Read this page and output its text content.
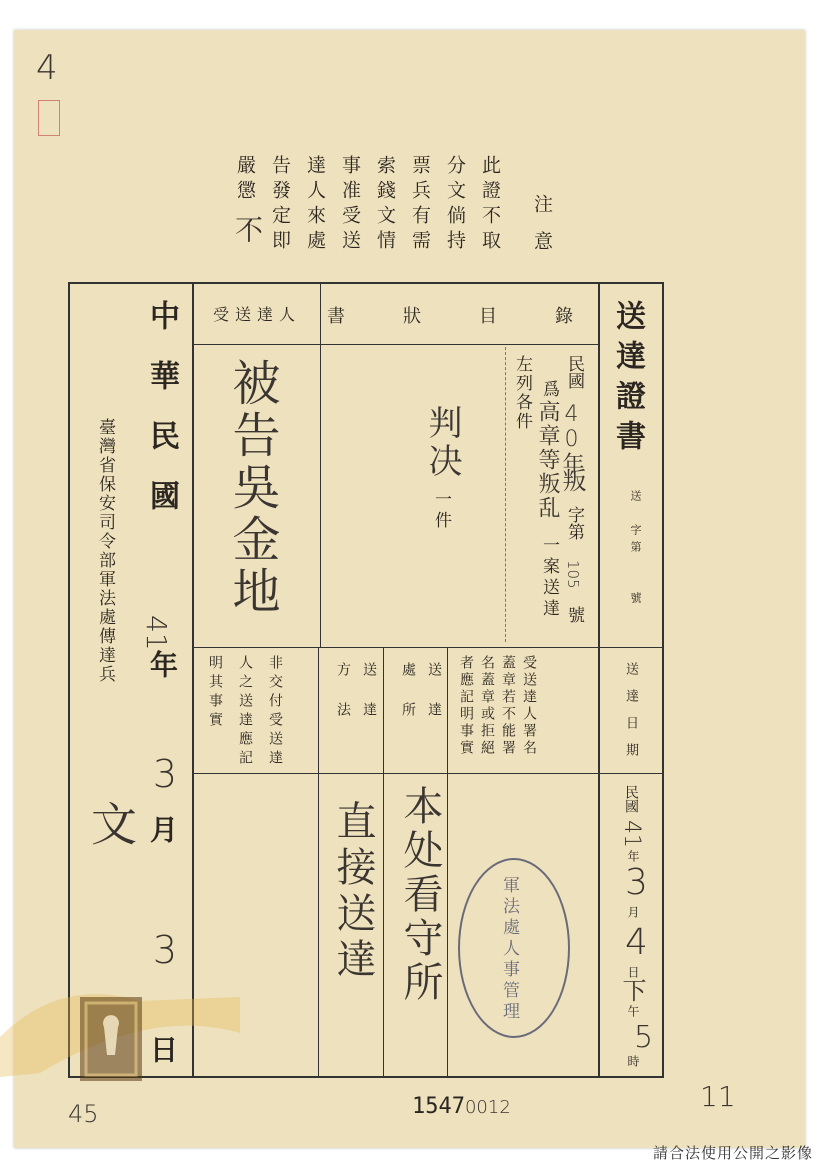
4

注意

此證不取

分文倘持

票兵有需

索錢文情

事准受送

達人來處

告發定即

嚴懲

不

送達證書

送　字第　　號

書　狀　目　錄
受送達人

民國

40年

叛

字第

105

號

爲

高章等叛乱

一案送達

左列各件

判决

一件

被告吳金地

送達日期

受送達人署名蓋章若不能署名蓋章或拒絕者應記明事實

送達處所

送達方法

非交付受送達人之送達應記明其事實

民國

41

年

3

月

4

日

下

午

5

時

本处看守所

直接送達	軍法處人事管理

中華民國

臺灣省保安司令部軍法處傳達兵

文

41

年

3

月

3

日

45
11
15470012
請合法使用公開之影像
